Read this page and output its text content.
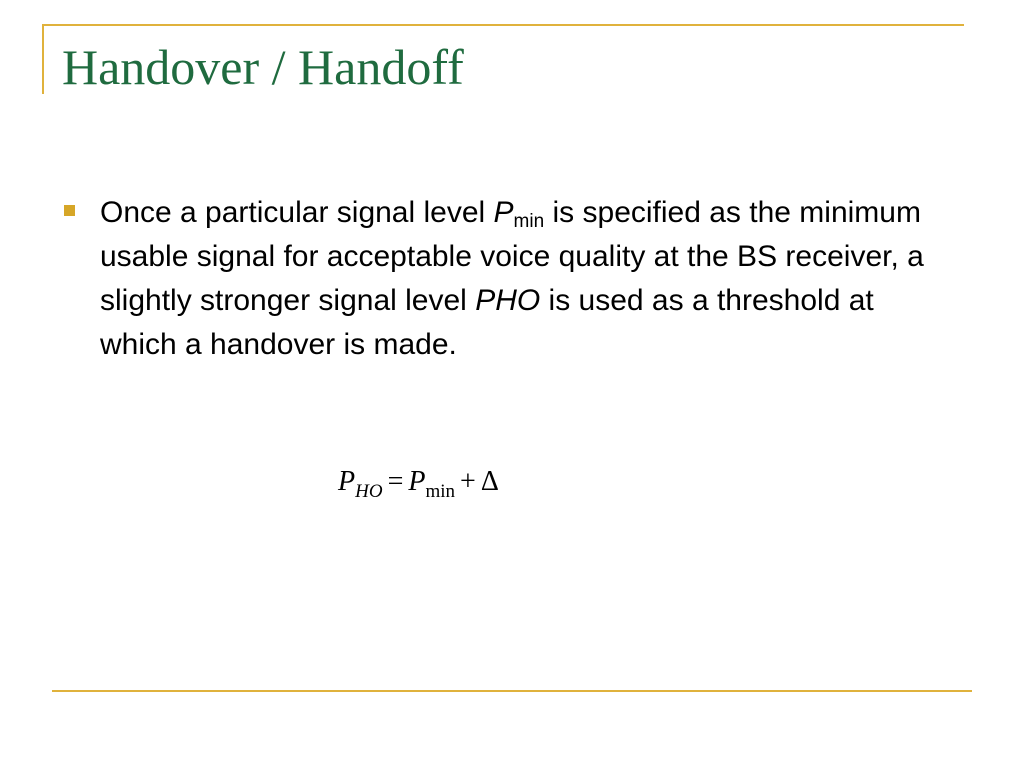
Handover / Handoff

Once a particular signal level $P_{min}$ is specified as the minimum usable signal for acceptable voice quality at the BS receiver, a slightly stronger signal level PHO is used as a threshold at which a handover is made.

$P_{HO} = P_{min} + \Delta$
